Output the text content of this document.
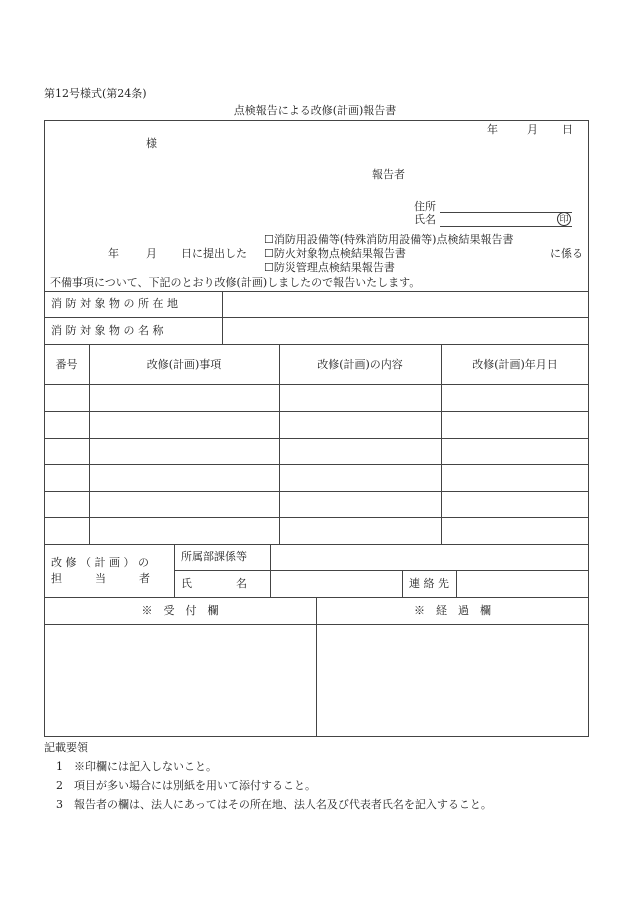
第12号様式(第24条)
点検報告による改修(計画)報告書
年	月 日
様
報告者
住所
氏名	印
年 月 日に提出した
☐消防用設備等(特殊消防用設備等)点検結果報告書
☐防火対象物点検結果報告書
☐防災管理点検結果報告書
に係る
不備事項について、下記のとおり改修(計画)しましたので報告いたします。
消 防 対 象 物 の 所 在 地
消 防 対 象 物 の 名 称
番号	改修(計画)事項	改修(計画)の内容	改修(計画)年月日
改 修 （ 計 画 ） の
担　　　当　　　者
所属部課係等
氏　　　　名	連 絡 先
※　受　付　欄	※　経　過　欄
記載要領
1　※印欄には記入しないこと。
2　項目が多い場合には別紙を用いて添付すること。
3　報告者の欄は、法人にあってはその所在地、法人名及び代表者氏名を記入すること。
